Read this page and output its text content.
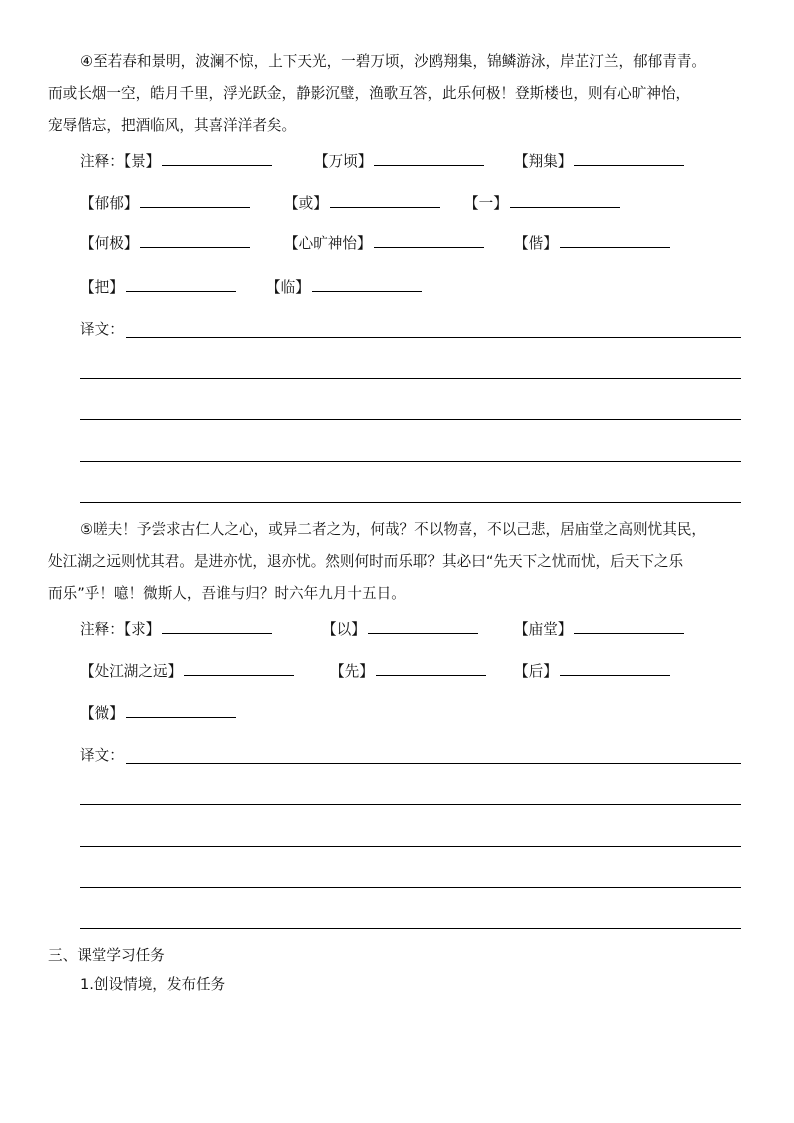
④至若春和景明，波澜不惊，上下天光，一碧万顷，沙鸥翔集，锦鳞游泳，岸芷汀兰，郁郁青青。
而或长烟一空，皓月千里，浮光跃金，静影沉璧，渔歌互答，此乐何极！登斯楼也，则有心旷神怡，
宠辱偕忘，把酒临风，其喜洋洋者矣。
注释：【景】	【万顷】	【翔集】
【郁郁】	【或】	【一】
【何极】	【心旷神怡】	【偕】
【把】	【临】
译文：
⑤嗟夫！予尝求古仁人之心，或异二者之为，何哉？不以物喜，不以己悲，居庙堂之高则忧其民，
处江湖之远则忧其君。是进亦忧，退亦忧。然则何时而乐耶？其必曰“先天下之忧而忧，后天下之乐
而乐”乎！噫！微斯人，吾谁与归？时六年九月十五日。
注释：【求】	【以】	【庙堂】
【处江湖之远】	【先】	【后】
【微】
译文：
三、课堂学习任务
1.创设情境，发布任务
